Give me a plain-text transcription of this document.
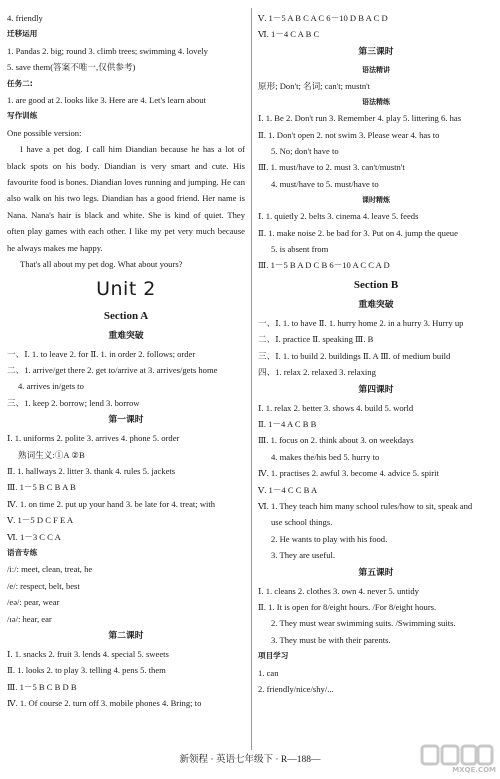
4. friendly
迁移运用
1. Pandas 2. big; round 3. climb trees; swimming 4. lovely
5. save them(答案不唯一,仅供参考)
任务二:
1. are good at 2. looks like 3. Here are 4. Let's learn about
写作训练
One possible version:
I have a pet dog. I call him Diandian because he has a lot of black spots on his body. Diandian is very smart and cute. His favourite food is bones. Diandian loves running and jumping. He can also walk on his two legs. Diandian has a good friend. Her name is Nana. Nana's hair is black and white. She is kind of quiet. They often play games with each other. I like my pet very much because he always makes me happy.
That's all about my pet dog. What about yours?
Unit 2
Section A
重难突破
一、Ⅰ. 1. to leave 2. for Ⅱ. 1. in order 2. follows; order
二、1. arrive/get there 2. get to/arrive at 3. arrives/gets home
4. arrives in/gets to
三、1. keep 2. borrow; lend 3. borrow
第一课时
Ⅰ. 1. uniforms 2. polite 3. arrives 4. phone 5. order
熟词生义:①A ②B
Ⅱ. 1. hallways 2. litter 3. thank 4. rules 5. jackets
Ⅲ. 1－5 B C B A B
Ⅳ. 1. on time 2. put up your hand 3. be late for 4. treat; with
Ⅴ. 1－5 D C F E A
Ⅵ. 1－3 C C A
语音专练
/iː/: meet, clean, treat, he
/e/: respect, belt, best
/eə/: pear, wear
/ɪə/: hear, ear
第二课时
Ⅰ. 1. snacks 2. fruit 3. lends 4. special 5. sweets
Ⅱ. 1. looks 2. to play 3. telling 4. pens 5. them
Ⅲ. 1－5 B C B D B
Ⅳ. 1. Of course 2. turn off 3. mobile phones 4. Bring; to
Ⅴ. 1－5 A B C A C 6－10 D B A C D
Ⅵ. 1－4 C A B C
第三课时
语法精讲
原形; Don't; 名词; can't; mustn't
语法精练
Ⅰ. 1. Be 2. Don't run 3. Remember 4. play 5. littering 6. has
Ⅱ. 1. Don't open 2. not swim 3. Please wear 4. has to
5. No; don't have to
Ⅲ. 1. must/have to 2. must 3. can't/mustn't
4. must/have to 5. must/have to
课时精炼
Ⅰ. 1. quietly 2. belts 3. cinema 4. leave 5. feeds
Ⅱ. 1. make noise 2. be bad for 3. Put on 4. jump the queue
5. is absent from
Ⅲ. 1－5 B A D C B 6－10 A C C A D
Section B
重难突破
一、Ⅰ. 1. to have Ⅱ. 1. hurry home 2. in a hurry 3. Hurry up
二、Ⅰ. practice Ⅱ. speaking Ⅲ. B
三、Ⅰ. 1. to build 2. buildings Ⅱ. A Ⅲ. of medium build
四、1. relax 2. relaxed 3. relaxing
第四课时
Ⅰ. 1. relax 2. better 3. shows 4. build 5. world
Ⅱ. 1－4 A C B B
Ⅲ. 1. focus on 2. think about 3. on weekdays
4. makes the/his bed 5. hurry to
Ⅳ. 1. practises 2. awful 3. become 4. advice 5. spirit
Ⅴ. 1－4 C C B A
Ⅵ. 1. They teach him many school rules/how to sit, speak and
use school things.
2. He wants to play with his food.
3. They are useful.
第五课时
Ⅰ. 1. cleans 2. clothes 3. own 4. never 5. untidy
Ⅱ. 1. It is open for 8/eight hours. /For 8/eight hours.
2. They must wear swimming suits. /Swimming suits.
3. They must be with their parents.
项目学习
1. can
2. friendly/nice/shy/...
新领程 · 英语七年级下 · R—188—
MXQE.COM
